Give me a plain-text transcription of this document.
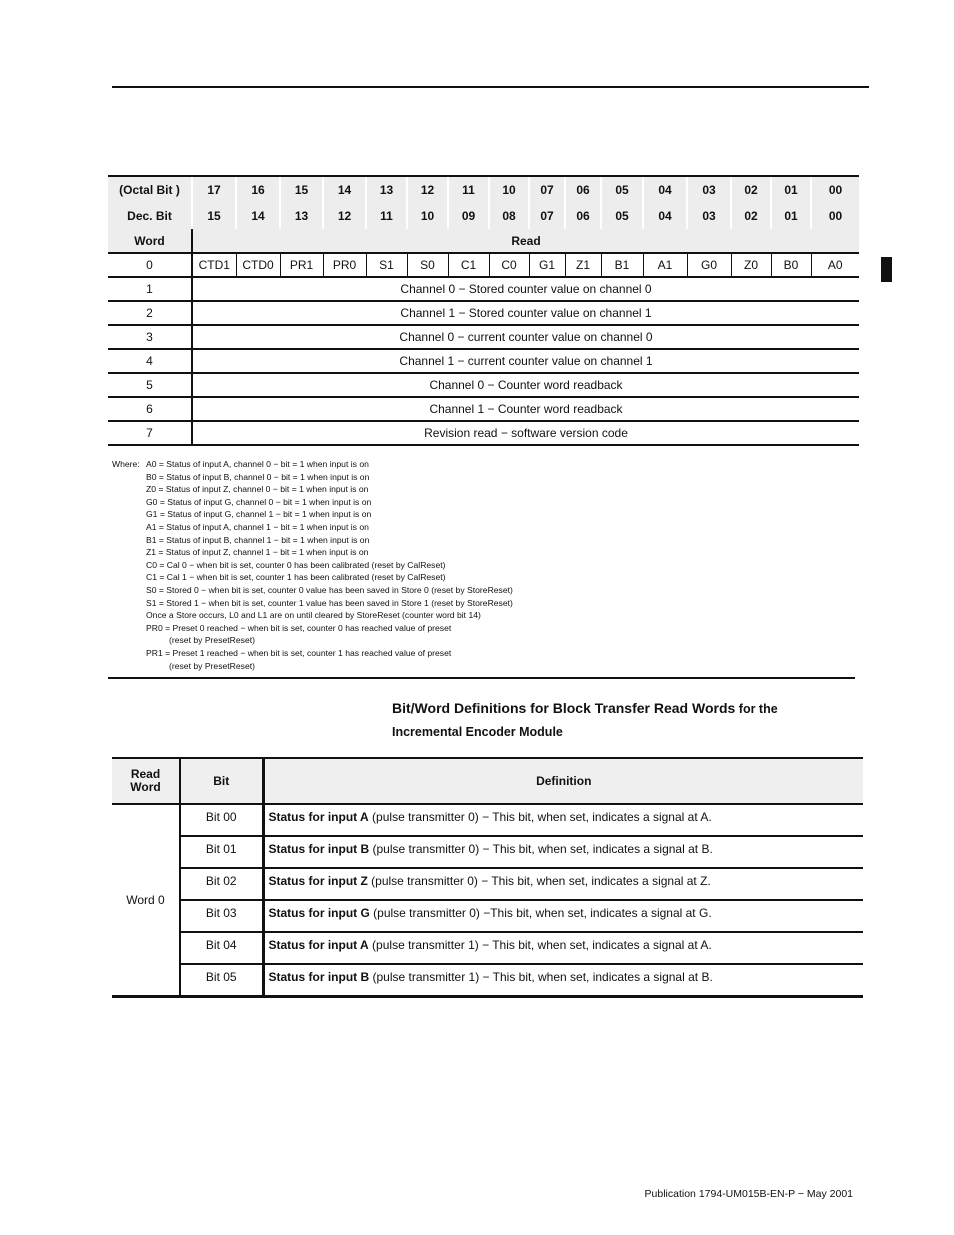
(Octal Bit )	17	16	15	14	13	12	11	10	07	06	05	04	03	02	01	00
Dec. Bit	15	14	13	12	11	10	09	08	07	06	05	04	03	02	01	00
Word	Read															
0	CTD1	CTD0	PR1	PR0	S1	S0	C1	C0	G1	Z1	B1	A1	G0	Z0	B0	A0
1	Channel 0 − Stored counter value on channel 0															
2	Channel 1 − Stored counter value on channel 1															
3	Channel 0 − current counter value on channel 0															
4	Channel 1 − current counter value on channel 1															
5	Channel 0 − Counter word readback															
6	Channel 1 − Counter word readback															
7	Revision read − software version code															
Where: A0 = Status of input A, channel 0 − bit = 1 when input is on
B0 = Status of input B, channel 0 − bit = 1 when input is on
Z0 = Status of input Z, channel 0 − bit = 1 when input is on
G0 = Status of input G, channel 0 − bit = 1 when input is on
G1 = Status of input G, channel 1 − bit = 1 when input is on
A1 = Status of input A, channel 1 − bit = 1 when input is on
B1 = Status of input B, channel 1 − bit = 1 when input is on
Z1 = Status of input Z, channel 1 − bit = 1 when input is on
C0 = Cal 0 − when bit is set, counter 0 has been calibrated (reset by CalReset)
C1 = Cal 1 − when bit is set, counter 1 has been calibrated (reset by CalReset)
S0 = Stored 0 − when bit is set, counter 0 value has been saved in Store 0 (reset by StoreReset)
S1 = Stored 1 − when bit is set, counter 1 value has been saved in Store 1 (reset by StoreReset)
Once a Store occurs, L0 and L1 are on until cleared by StoreReset (counter word bit 14)
PR0 = Preset 0 reached − when bit is set, counter 0 has reached value of preset
(reset by PresetReset)
PR1 = Preset 1 reached − when bit is set, counter 1 has reached value of preset
(reset by PresetReset)
Bit/Word Definitions for Block Transfer Read Words for the
Incremental Encoder Module
Read
Word	Bit	Definition
Word 0	Bit 00	Status for input A (pulse transmitter 0) − This bit, when set, indicates a signal at A.
	Bit 01	Status for input B (pulse transmitter 0) − This bit, when set, indicates a signal at B.
	Bit 02	Status for input Z (pulse transmitter 0) − This bit, when set, indicates a signal at Z.
	Bit 03	Status for input G (pulse transmitter 0) −This bit, when set, indicates a signal at G.
	Bit 04	Status for input A (pulse transmitter 1) − This bit, when set, indicates a signal at A.
	Bit 05	Status for input B (pulse transmitter 1) − This bit, when set, indicates a signal at B.
Publication 1794-UM015B-EN-P − May 2001
